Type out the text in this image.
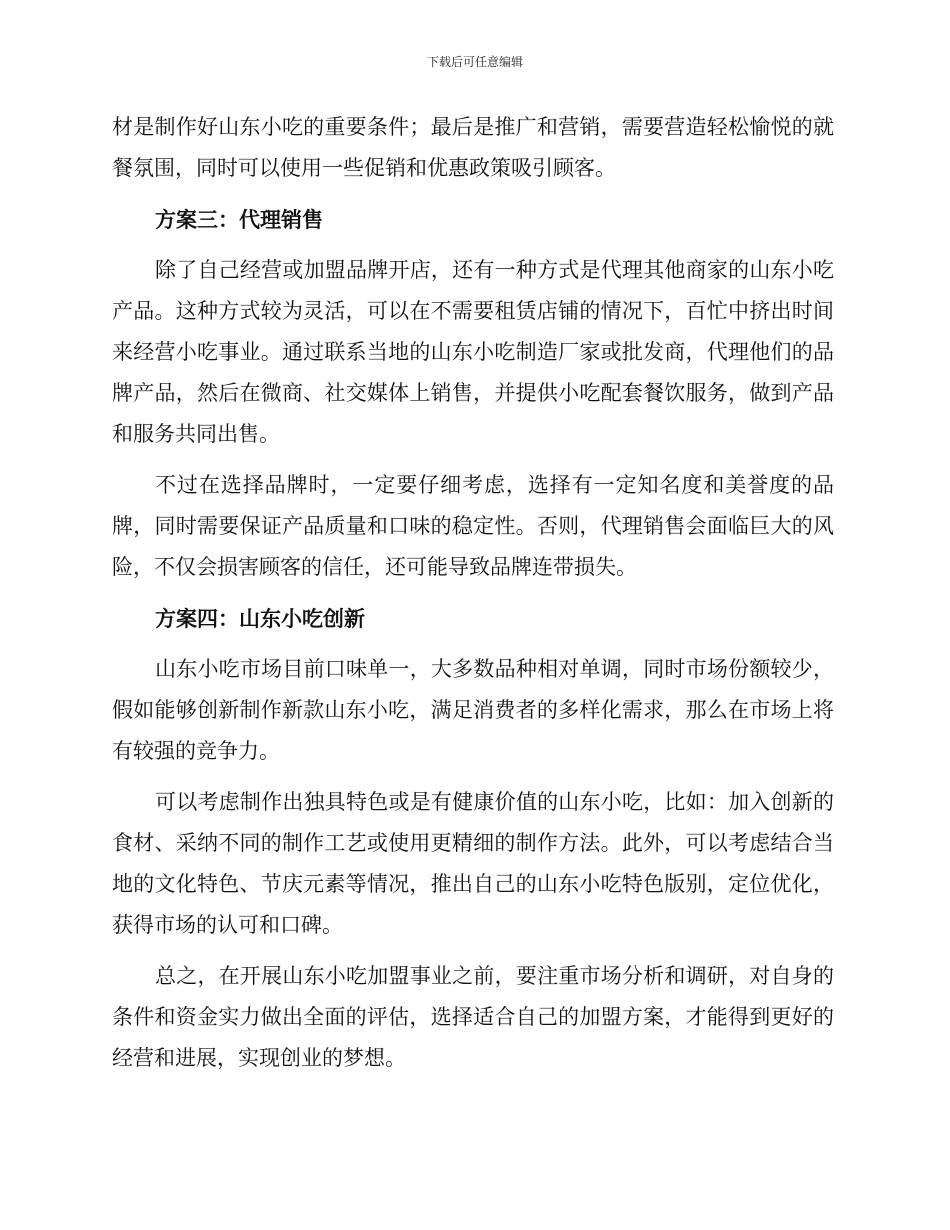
下载后可任意编辑

材是制作好山东小吃的重要条件；最后是推广和营销，需要营造轻松愉悦的就餐氛围，同时可以使用一些促销和优惠政策吸引顾客。

方案三：代理销售

除了自己经营或加盟品牌开店，还有一种方式是代理其他商家的山东小吃产品。这种方式较为灵活，可以在不需要租赁店铺的情况下，百忙中挤出时间来经营小吃事业。通过联系当地的山东小吃制造厂家或批发商，代理他们的品牌产品，然后在微商、社交媒体上销售，并提供小吃配套餐饮服务，做到产品和服务共同出售。

不过在选择品牌时，一定要仔细考虑，选择有一定知名度和美誉度的品牌，同时需要保证产品质量和口味的稳定性。否则，代理销售会面临巨大的风险，不仅会损害顾客的信任，还可能导致品牌连带损失。

方案四：山东小吃创新

山东小吃市场目前口味单一，大多数品种相对单调，同时市场份额较少，假如能够创新制作新款山东小吃，满足消费者的多样化需求，那么在市场上将有较强的竞争力。

可以考虑制作出独具特色或是有健康价值的山东小吃，比如：加入创新的食材、采纳不同的制作工艺或使用更精细的制作方法。此外，可以考虑结合当地的文化特色、节庆元素等情况，推出自己的山东小吃特色版别，定位优化，获得市场的认可和口碑。

总之，在开展山东小吃加盟事业之前，要注重市场分析和调研，对自身的条件和资金实力做出全面的评估，选择适合自己的加盟方案，才能得到更好的经营和进展，实现创业的梦想。
